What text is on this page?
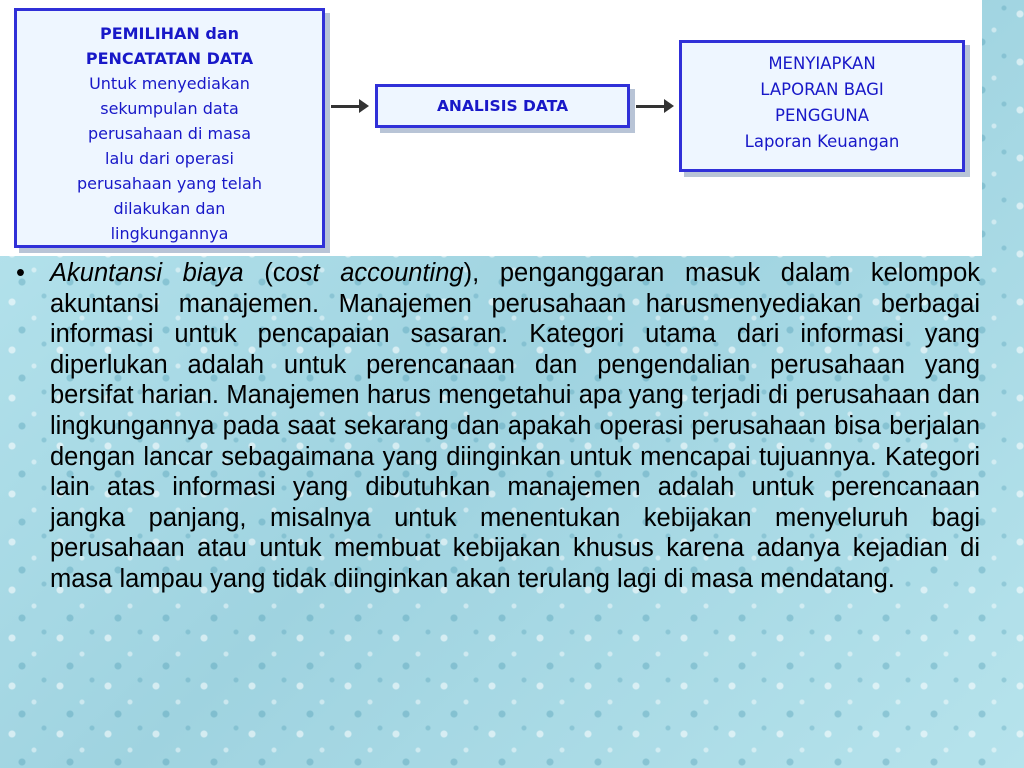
PEMILIHAN dan
PENCATATAN DATA
Untuk menyediakan
sekumpulan data
perusahaan di masa
lalu dari operasi
perusahaan yang telah
dilakukan dan
lingkungannya
ANALISIS DATA
MENYIAPKAN
LAPORAN BAGI
PENGGUNA
Laporan Keuangan
• Akuntansi biaya (cost accounting), penganggaran masuk dalam kelompok akuntansi manajemen. Manajemen perusahaan harusmenyediakan berbagai informasi untuk pencapaian sasaran. Kategori utama dari informasi yang diperlukan adalah untuk perencanaan dan pengendalian perusahaan yang bersifat harian. Manajemen harus mengetahui apa yang terjadi di perusahaan dan lingkungannya pada saat sekarang dan apakah operasi perusahaan bisa berjalan dengan lancar sebagaimana yang diinginkan untuk mencapai tujuannya. Kategori lain atas informasi yang dibutuhkan manajemen adalah untuk perencanaan jangka panjang, misalnya untuk menentukan kebijakan menyeluruh bagi perusahaan atau untuk membuat kebijakan khusus karena adanya kejadian di masa lampau yang tidak diinginkan akan terulang lagi di masa mendatang.
